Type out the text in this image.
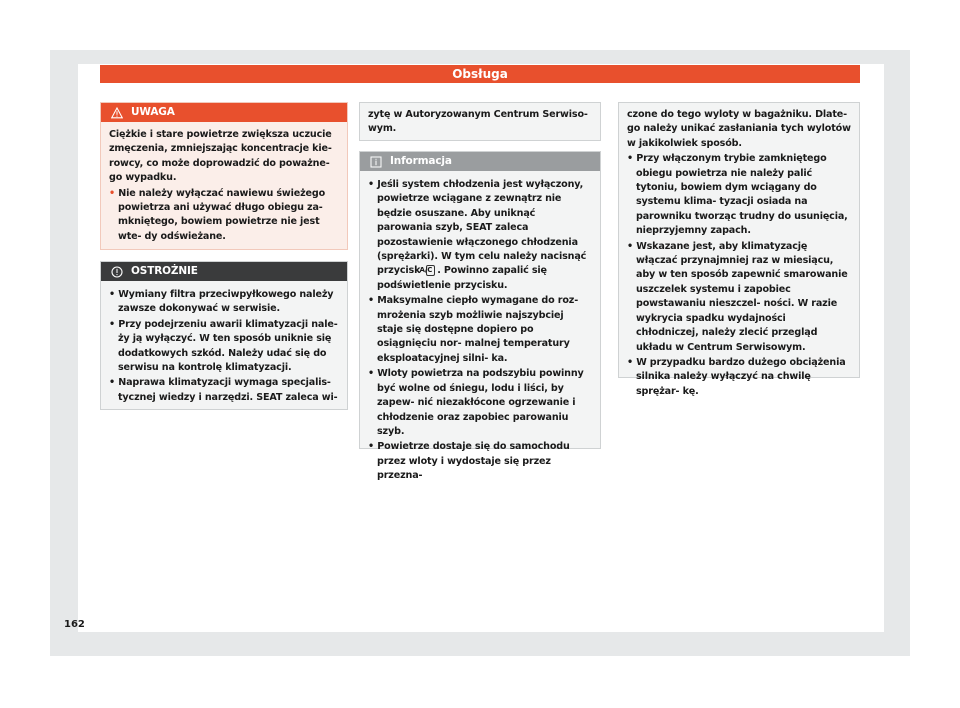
Obsługa
UWAGA

Ciężkie i stare powietrze zwiększa uczucie zmęczenia, zmniejszając koncentracje kie- rowcy, co może doprowadzić do poważne- go wypadku.

• Nie należy wyłączać nawiewu świeżego powietrza ani używać długo obiegu za- mkniętego, bowiem powietrze nie jest wte- dy odświeżane.

OSTROŻNIE

• Wymiany filtra przeciwpyłkowego należy zawsze dokonywać w serwisie.

• Przy podejrzeniu awarii klimatyzacji nale- ży ją wyłączyć. W ten sposób uniknie się dodatkowych szkód. Należy udać się do serwisu na kontrolę klimatyzacji.

• Naprawa klimatyzacji wymaga specjalis- tycznej wiedzy i narzędzi. SEAT zaleca wi-

zytę w Autoryzowanym Centrum Serwiso- wym.

Informacja

• Jeśli system chłodzenia jest wyłączony, powietrze wciągane z zewnątrz nie będzie osuszane. Aby uniknąć parowania szyb, SEAT zaleca pozostawienie włączonego chłodzenia (sprężarki). W tym celu należy nacisnąć przycisk A/C . Powinno zapalić się podświetlenie przycisku.

• Maksymalne ciepło wymagane do roz- mrożenia szyb możliwie najszybciej staje się dostępne dopiero po osiągnięciu nor- malnej temperatury eksploatacyjnej silni- ka.

• Wloty powietrza na podszybiu powinny być wolne od śniegu, lodu i liści, by zapew- nić niezakłócone ogrzewanie i chłodzenie oraz zapobiec parowaniu szyb.

• Powietrze dostaje się do samochodu przez wloty i wydostaje się przez przezna-

czone do tego wyloty w bagażniku. Dlate- go należy unikać zasłaniania tych wylotów w jakikolwiek sposób.

• Przy włączonym trybie zamkniętego obiegu powietrza nie należy palić tytoniu, bowiem dym wciągany do systemu klima- tyzacji osiada na parowniku tworząc trudny do usunięcia, nieprzyjemny zapach.

• Wskazane jest, aby klimatyzację włączać przynajmniej raz w miesiącu, aby w ten sposób zapewnić smarowanie uszczelek systemu i zapobiec powstawaniu nieszczel- ności. W razie wykrycia spadku wydajności chłodniczej, należy zlecić przegląd układu w Centrum Serwisowym.

• W przypadku bardzo dużego obciążenia silnika należy wyłączyć na chwilę sprężar- kę.

162
